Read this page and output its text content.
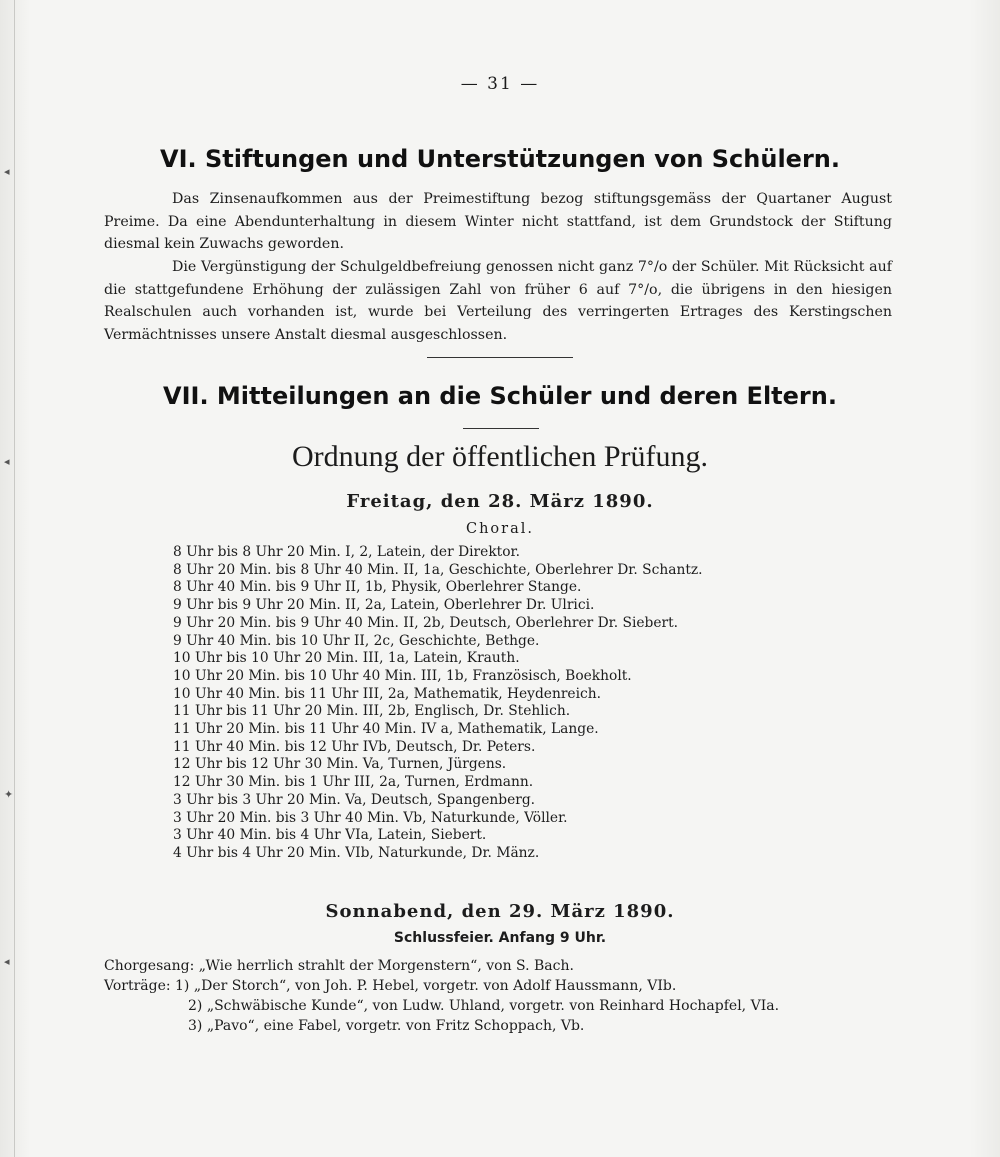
◂
◂
✦
◂
— 31 —
VI. Stiftungen und Unterstützungen von Schülern.

Das Zinsenaufkommen aus der Preimestiftung bezog stiftungsgemäss der Quartaner August Preime. Da eine Abendunterhaltung in diesem Winter nicht stattfand, ist dem Grundstock der Stiftung diesmal kein Zuwachs geworden.

Die Vergünstigung der Schulgeldbefreiung genossen nicht ganz 7°/o der Schüler. Mit Rücksicht auf die stattgefundene Erhöhung der zulässigen Zahl von früher 6 auf 7°/o, die übrigens in den hiesigen Realschulen auch vorhanden ist, wurde bei Verteilung des verringerten Ertrages des Kerstingschen Vermächtnisses unsere Anstalt diesmal ausgeschlossen.

VII. Mitteilungen an die Schüler und deren Eltern.
Ordnung der öffentlichen Prüfung.
Freitag, den 28. März 1890.
Choral.
8 Uhr bis 8 Uhr 20 Min. I, 2, Latein, der Direktor.
8 Uhr 20 Min. bis 8 Uhr 40 Min. II, 1a, Geschichte, Oberlehrer Dr. Schantz.
8 Uhr 40 Min. bis 9 Uhr II, 1b, Physik, Oberlehrer Stange.
9 Uhr bis 9 Uhr 20 Min. II, 2a, Latein, Oberlehrer Dr. Ulrici.
9 Uhr 20 Min. bis 9 Uhr 40 Min. II, 2b, Deutsch, Oberlehrer Dr. Siebert.
9 Uhr 40 Min. bis 10 Uhr II, 2c, Geschichte, Bethge.
10 Uhr bis 10 Uhr 20 Min. III, 1a, Latein, Krauth.
10 Uhr 20 Min. bis 10 Uhr 40 Min. III, 1b, Französisch, Boekholt.
10 Uhr 40 Min. bis 11 Uhr III, 2a, Mathematik, Heydenreich.
11 Uhr bis 11 Uhr 20 Min. III, 2b, Englisch, Dr. Stehlich.
11 Uhr 20 Min. bis 11 Uhr 40 Min. IV a, Mathematik, Lange.
11 Uhr 40 Min. bis 12 Uhr IVb, Deutsch, Dr. Peters.
12 Uhr bis 12 Uhr 30 Min. Va, Turnen, Jürgens.
12 Uhr 30 Min. bis 1 Uhr III, 2a, Turnen, Erdmann.
3 Uhr bis 3 Uhr 20 Min. Va, Deutsch, Spangenberg.
3 Uhr 20 Min. bis 3 Uhr 40 Min. Vb, Naturkunde, Völler.
3 Uhr 40 Min. bis 4 Uhr VIa, Latein, Siebert.
4 Uhr bis 4 Uhr 20 Min. VIb, Naturkunde, Dr. Mänz.
Sonnabend, den 29. März 1890.
Schlussfeier. Anfang 9 Uhr.
Chorgesang: „Wie herrlich strahlt der Morgenstern“, von S. Bach.
Vorträge: 1) „Der Storch“, von Joh. P. Hebel, vorgetr. von Adolf Haussmann, VIb.
2) „Schwäbische Kunde“, von Ludw. Uhland, vorgetr. von Reinhard Hochapfel, VIa.
3) „Pavo“, eine Fabel, vorgetr. von Fritz Schoppach, Vb.
